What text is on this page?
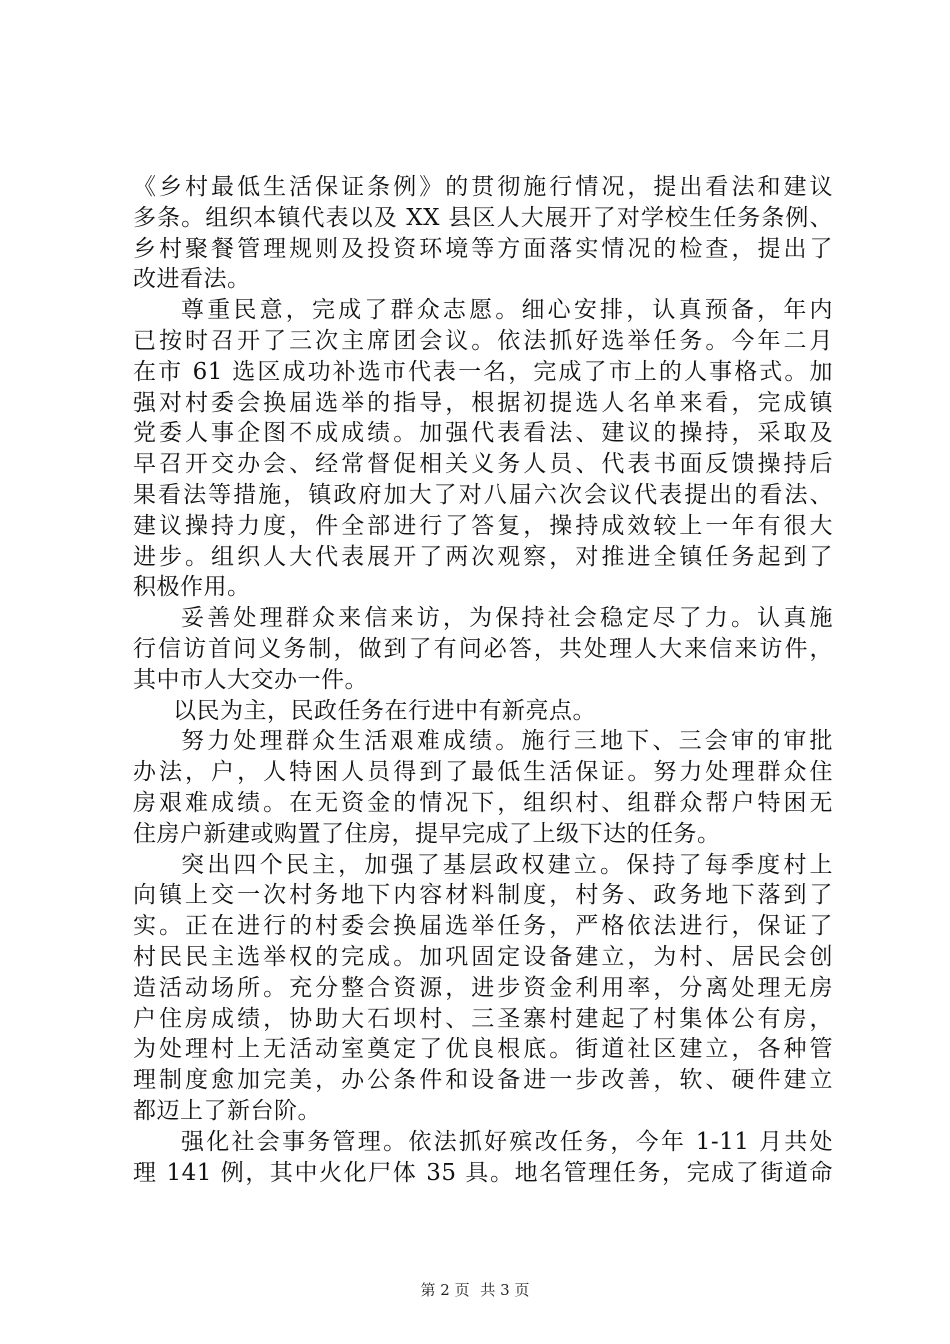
《乡村最低生活保证条例》的贯彻施行情况，提出看法和建议
多条。组织本镇代表以及 XX 县区人大展开了对学校生任务条例、
乡村聚餐管理规则及投资环境等方面落实情况的检查，提出了
改进看法。
尊重民意，完成了群众志愿。细心安排，认真预备，年内
已按时召开了三次主席团会议。依法抓好选举任务。今年二月
在市 61 选区成功补选市代表一名，完成了市上的人事格式。加
强对村委会换届选举的指导，根据初提选人名单来看，完成镇
党委人事企图不成成绩。加强代表看法、建议的操持，采取及
早召开交办会、经常督促相关义务人员、代表书面反馈操持后
果看法等措施，镇政府加大了对八届六次会议代表提出的看法、
建议操持力度，件全部进行了答复，操持成效较上一年有很大
进步。组织人大代表展开了两次观察，对推进全镇任务起到了
积极作用。
妥善处理群众来信来访，为保持社会稳定尽了力。认真施
行信访首问义务制，做到了有问必答，共处理人大来信来访件，
其中市人大交办一件。
以民为主，民政任务在行进中有新亮点。
努力处理群众生活艰难成绩。施行三地下、三会审的审批
办法，户，人特困人员得到了最低生活保证。努力处理群众住
房艰难成绩。在无资金的情况下，组织村、组群众帮户特困无
住房户新建或购置了住房，提早完成了上级下达的任务。
突出四个民主，加强了基层政权建立。保持了每季度村上
向镇上交一次村务地下内容材料制度，村务、政务地下落到了
实。正在进行的村委会换届选举任务，严格依法进行，保证了
村民民主选举权的完成。加巩固定设备建立，为村、居民会创
造活动场所。充分整合资源，进步资金利用率，分离处理无房
户住房成绩，协助大石坝村、三圣寨村建起了村集体公有房，
为处理村上无活动室奠定了优良根底。街道社区建立，各种管
理制度愈加完美，办公条件和设备进一步改善，软、硬件建立
都迈上了新台阶。
强化社会事务管理。依法抓好殡改任务，今年 1-11 月共处
理 141 例，其中火化尸体 35 具。地名管理任务，完成了街道命
第 2 页 共 3 页
